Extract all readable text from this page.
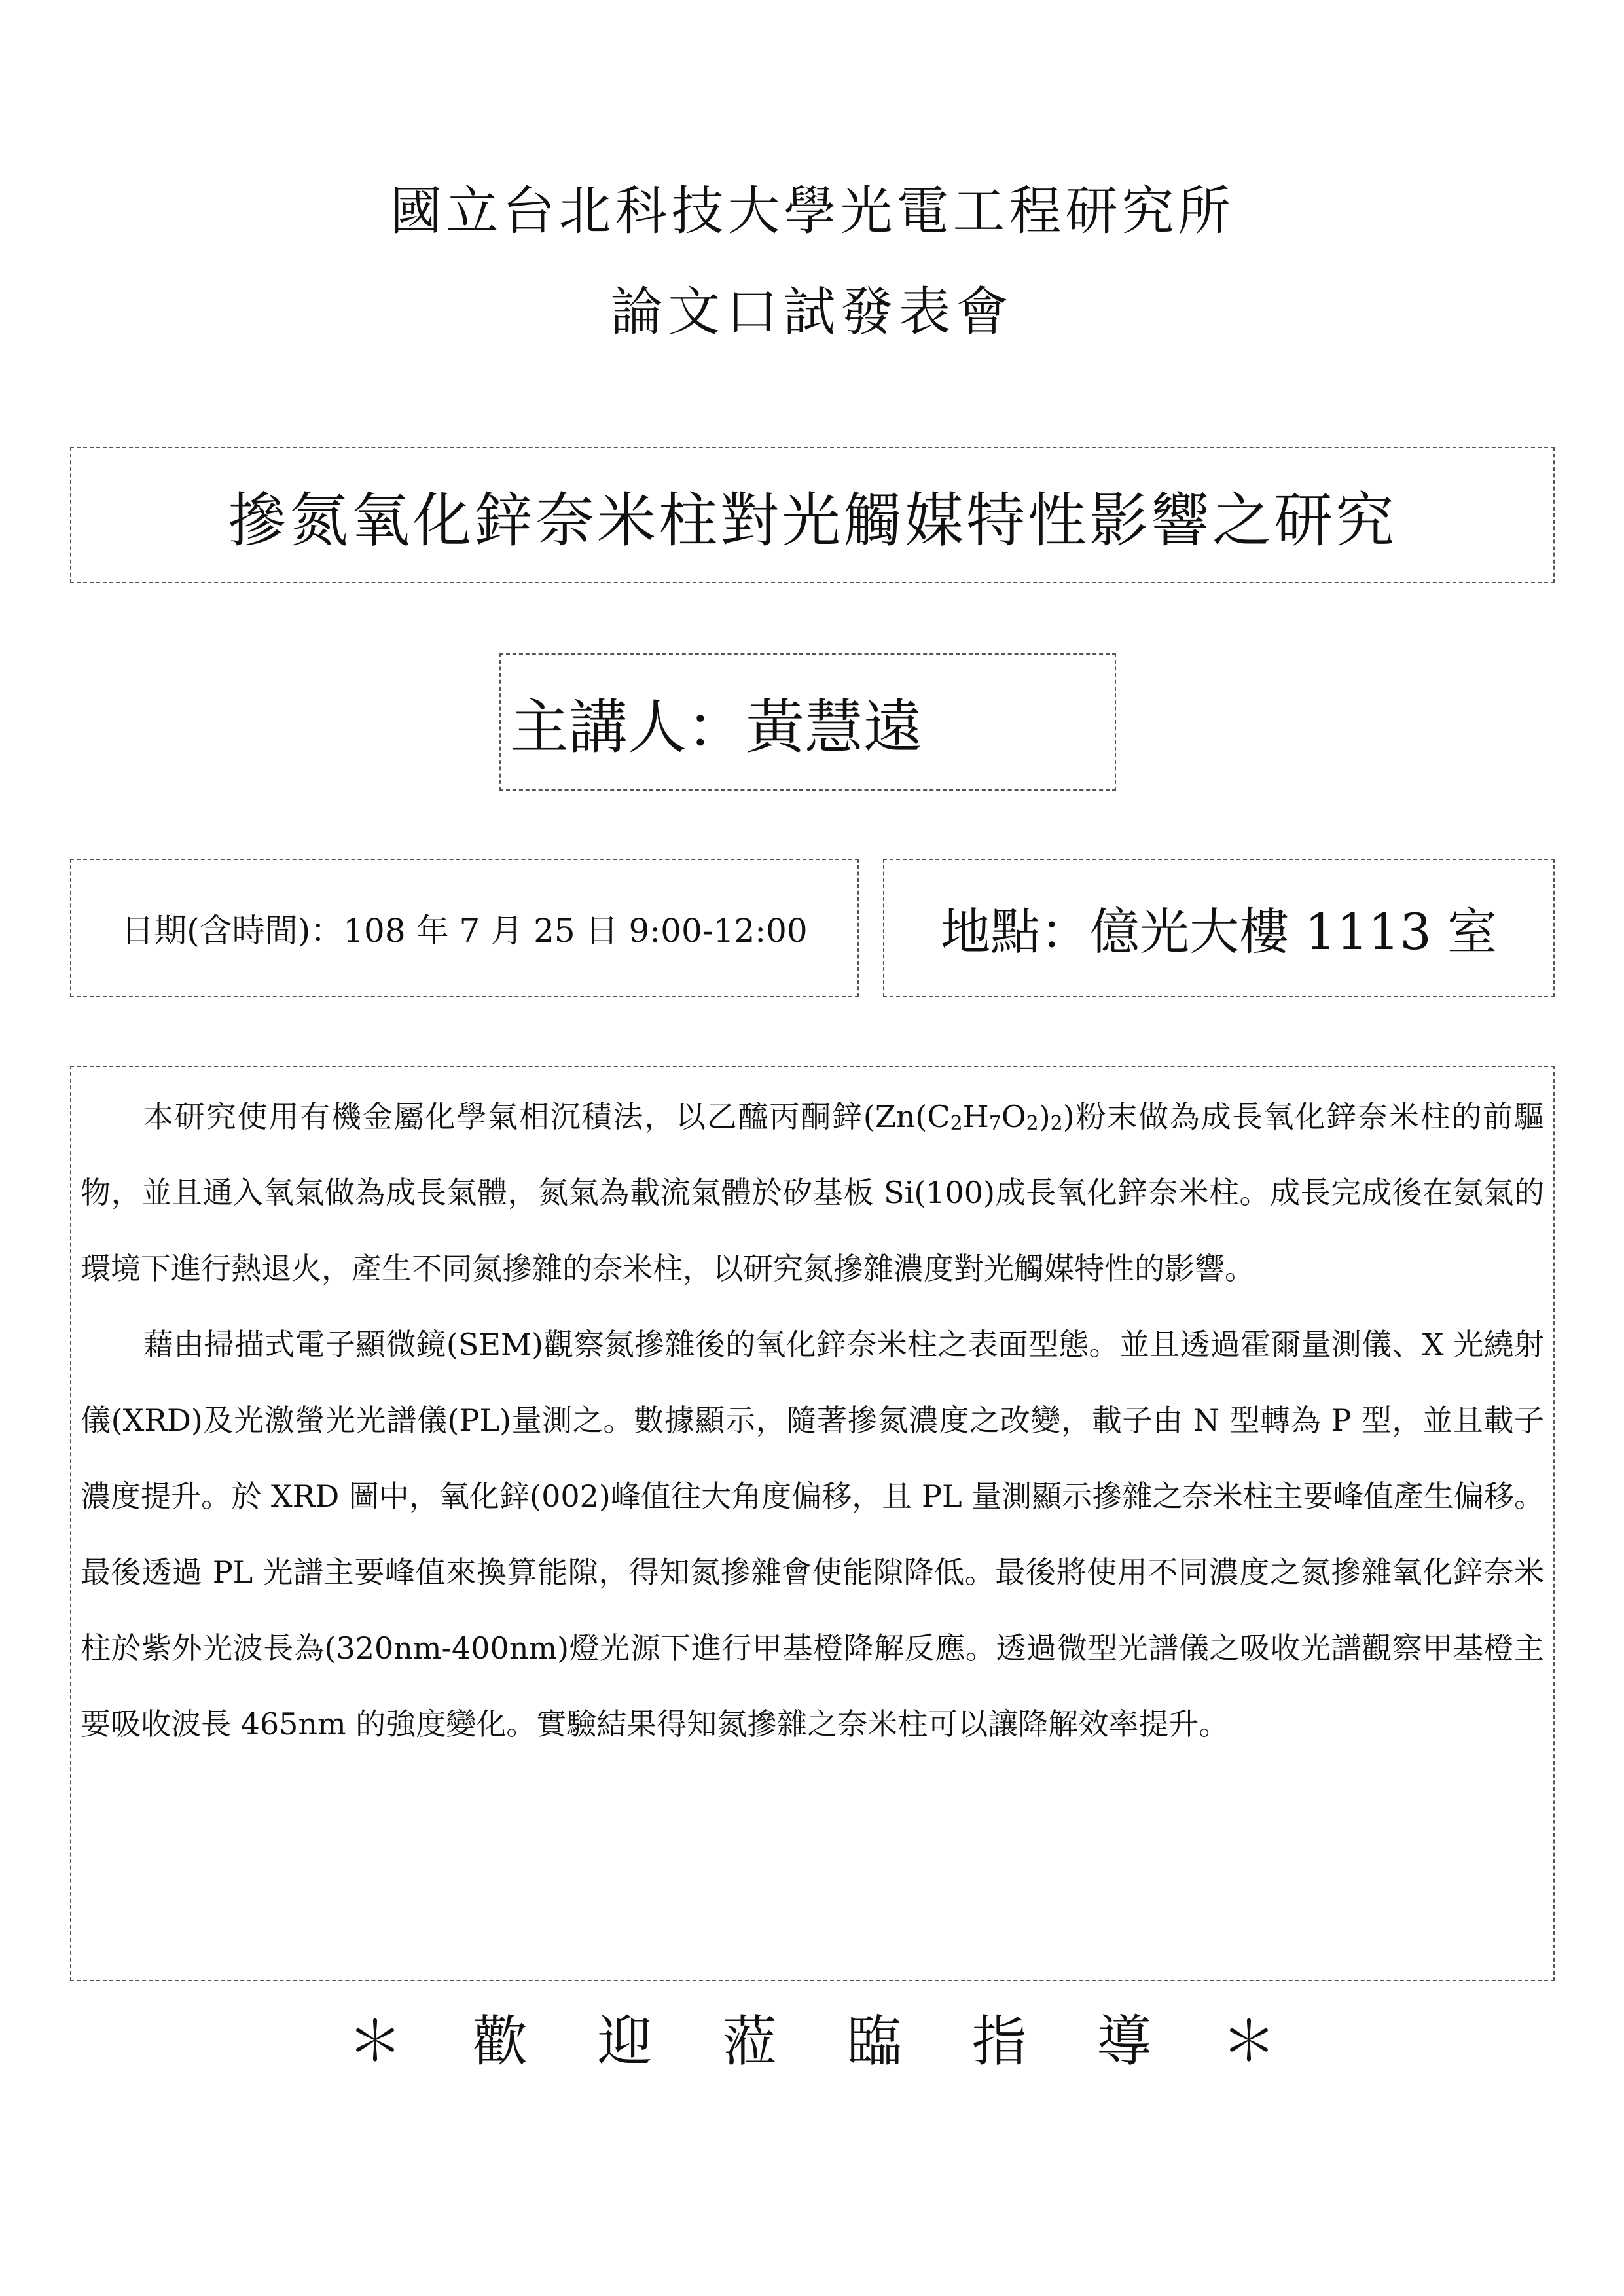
國立台北科技大學光電工程研究所
論文口試發表會
摻氮氧化鋅奈米柱對光觸媒特性影響之研究
主講人：黃慧遠
日期(含時間)：108 年 7 月 25 日 9:00-12:00	地點：億光大樓 1113 室

本研究使用有機金屬化學氣相沉積法，以乙醯丙酮鋅$(Zn(C_2H_7O_2)_2)$粉末做為成長氧化鋅奈米柱的前驅物，並且通入氧氣做為成長氣體，氮氣為載流氣體於矽基板 Si(100)成長氧化鋅奈米柱。成長完成後在氨氣的環境下進行熱退火，產生不同氮摻雜的奈米柱，以研究氮摻雜濃度對光觸媒特性的影響。

藉由掃描式電子顯微鏡(SEM)觀察氮摻雜後的氧化鋅奈米柱之表面型態。並且透過霍爾量測儀、X 光繞射儀(XRD)及光激螢光光譜儀(PL)量測之。數據顯示，隨著摻氮濃度之改變，載子由 N 型轉為 P 型，並且載子濃度提升。於 XRD 圖中，氧化鋅(002)峰值往大角度偏移，且 PL 量測顯示摻雜之奈米柱主要峰值產生偏移。最後透過 PL 光譜主要峰值來換算能隙，得知氮摻雜會使能隙降低。最後將使用不同濃度之氮摻雜氧化鋅奈米柱於紫外光波長為(320nm-400nm)燈光源下進行甲基橙降解反應。透過微型光譜儀之吸收光譜觀察甲基橙主要吸收波長 465nm 的強度變化。實驗結果得知氮摻雜之奈米柱可以讓降解效率提升。

＊ 歡 迎 蒞 臨 指 導 ＊
